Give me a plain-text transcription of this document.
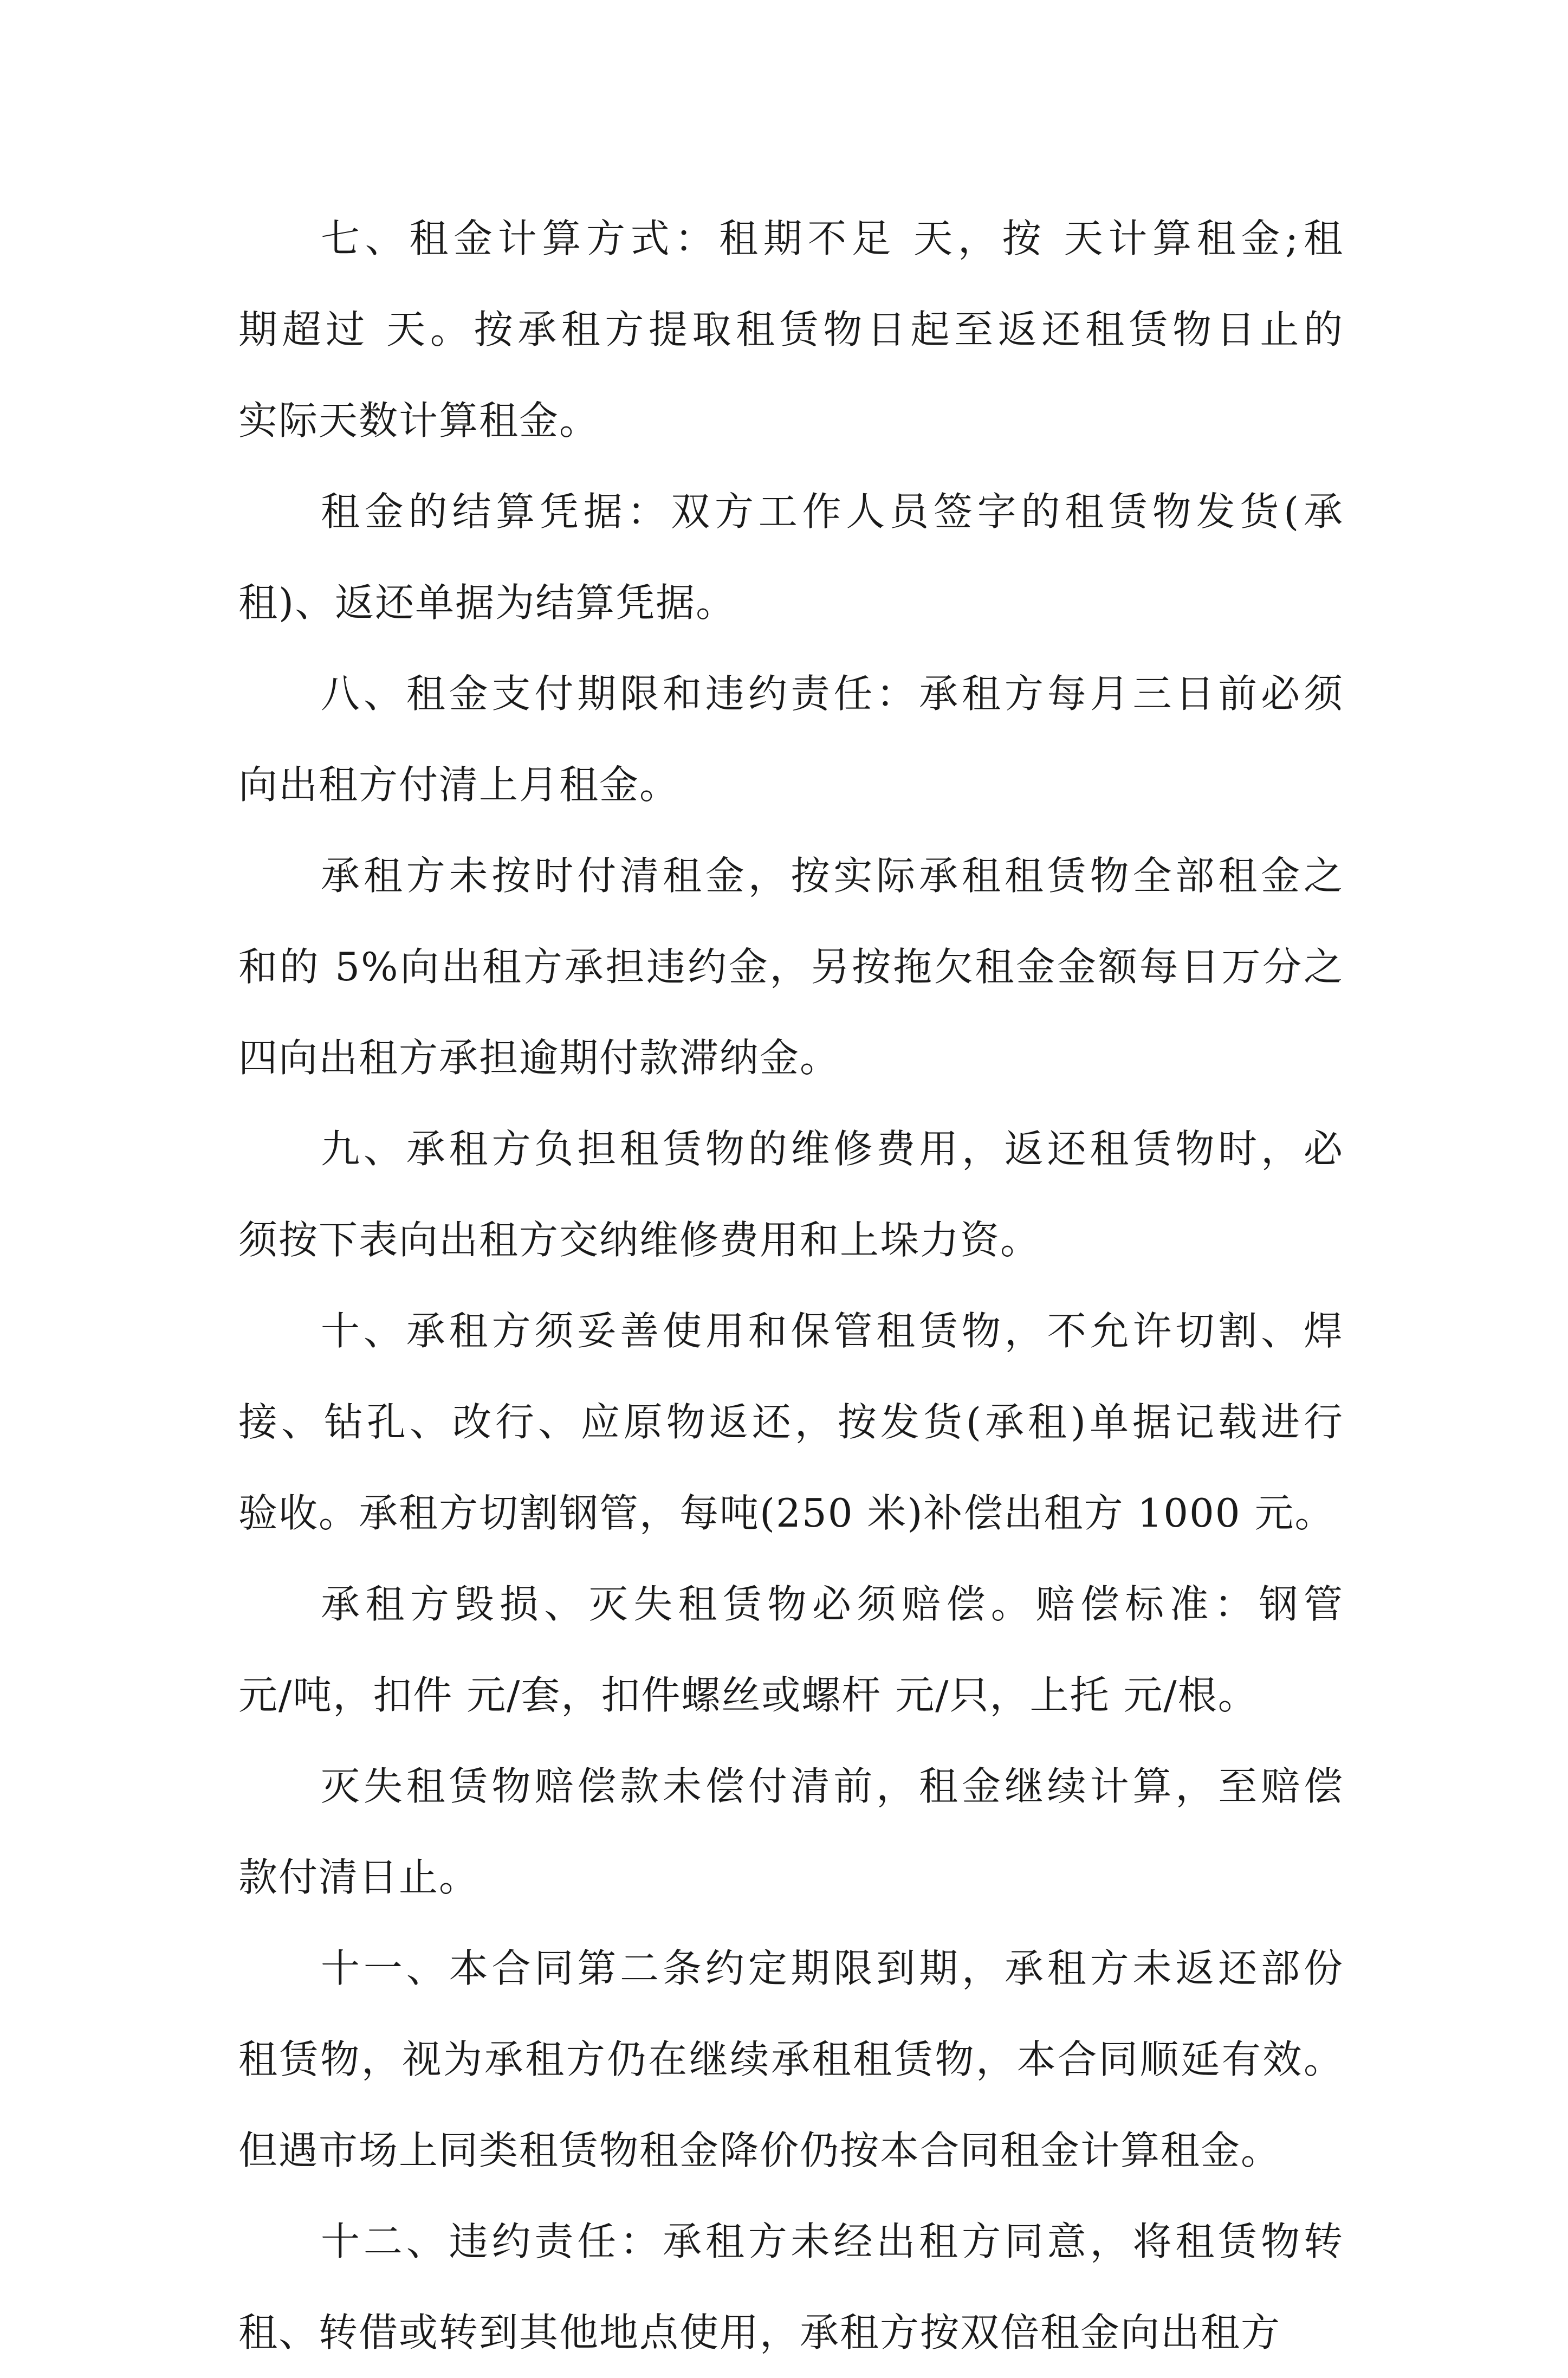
七、租金计算方式：租期不足 天，按 天计算租金;租
期超过 天。按承租方提取租赁物日起至返还租赁物日止的
实际天数计算租金。

租金的结算凭据：双方工作人员签字的租赁物发货(承
租)、返还单据为结算凭据。

八、租金支付期限和违约责任：承租方每月三日前必须
向出租方付清上月租金。

承租方未按时付清租金，按实际承租租赁物全部租金之
和的 5%向出租方承担违约金，另按拖欠租金金额每日万分之
四向出租方承担逾期付款滞纳金。

九、承租方负担租赁物的维修费用，返还租赁物时，必
须按下表向出租方交纳维修费用和上垛力资。

十、承租方须妥善使用和保管租赁物，不允许切割、焊
接、钻孔、改行、应原物返还，按发货(承租)单据记载进行
验收。承租方切割钢管，每吨(250 米)补偿出租方 1000 元。

承租方毁损、灭失租赁物必须赔偿。赔偿标准：钢管
元/吨，扣件 元/套，扣件螺丝或螺杆 元/只，上托 元/根。

灭失租赁物赔偿款未偿付清前，租金继续计算，至赔偿
款付清日止。

十一、本合同第二条约定期限到期，承租方未返还部份
租赁物，视为承租方仍在继续承租租赁物，本合同顺延有效。
但遇市场上同类租赁物租金降价仍按本合同租金计算租金。

十二、违约责任：承租方未经出租方同意，将租赁物转
租、转借或转到其他地点使用，承租方按双倍租金向出租方
